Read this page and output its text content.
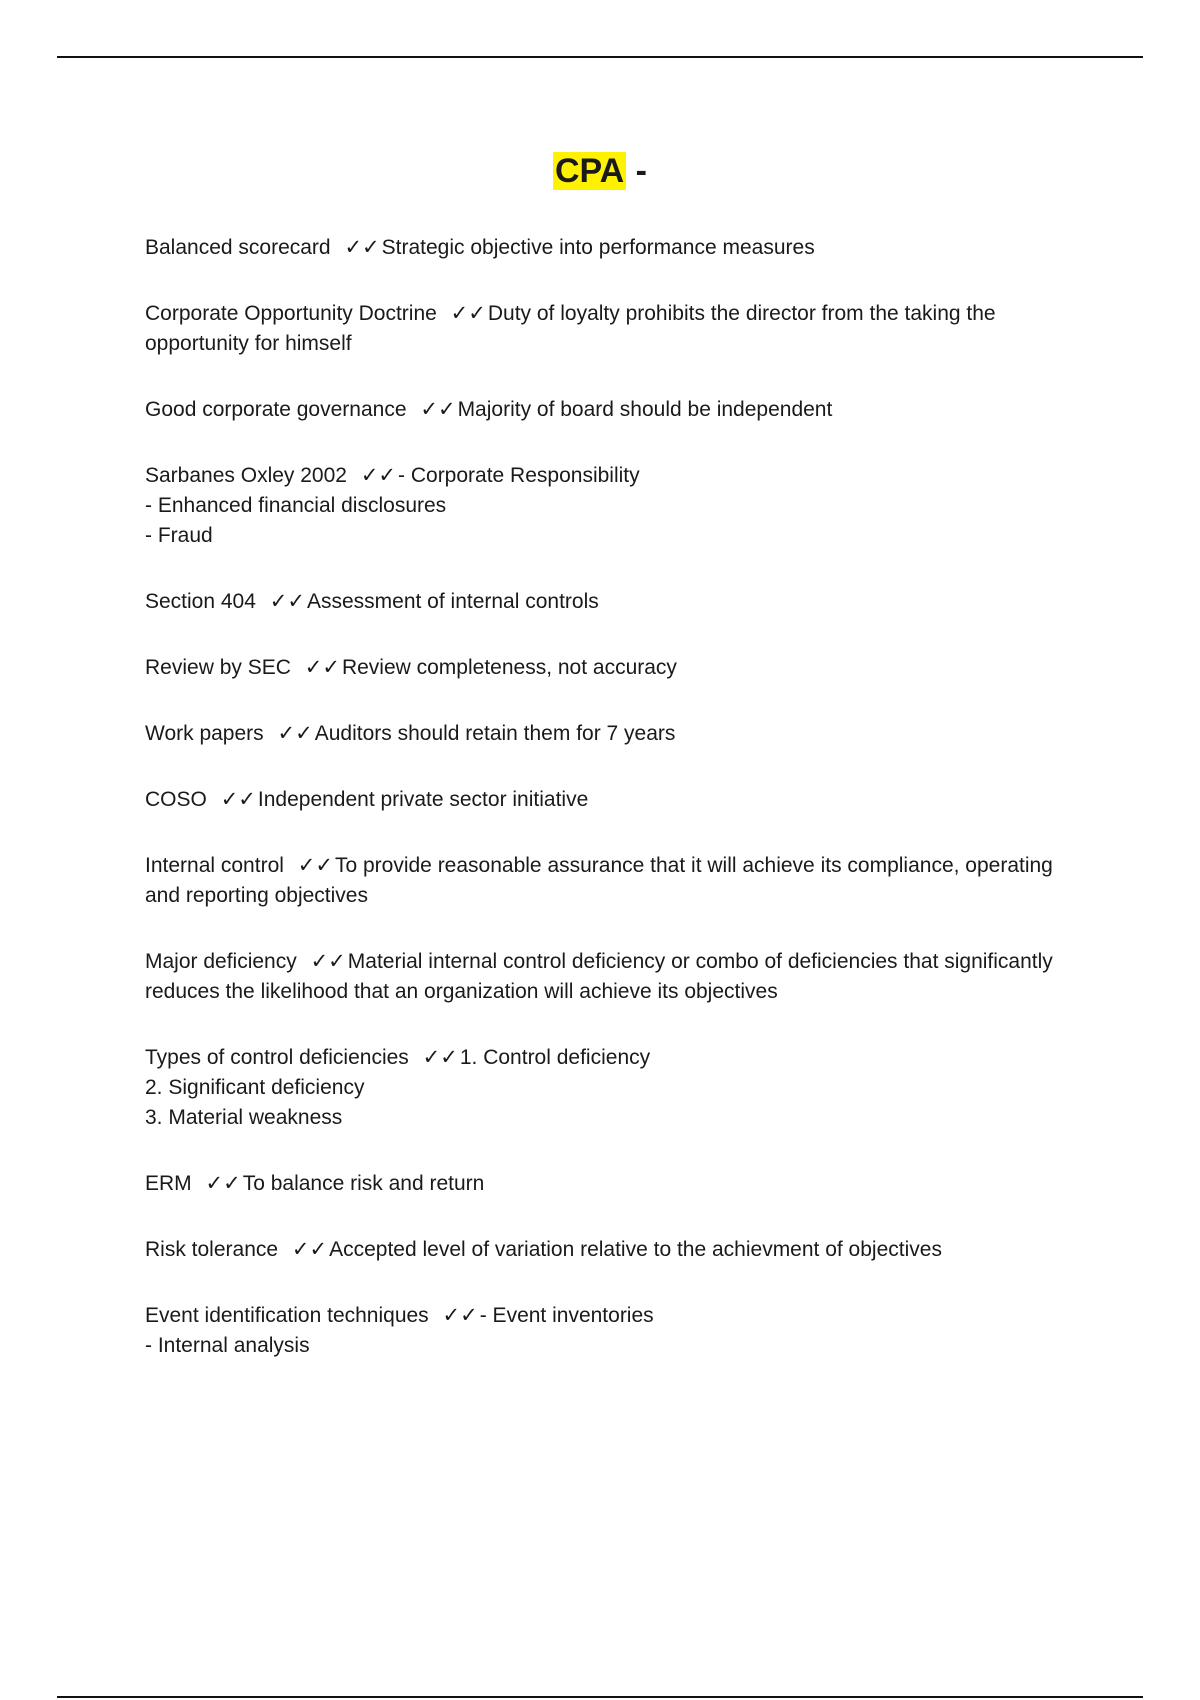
CPA -
Balanced scorecard ✓✓Strategic objective into performance measures
Corporate Opportunity Doctrine ✓✓Duty of loyalty prohibits the director from the taking the opportunity for himself
Good corporate governance ✓✓Majority of board should be independent
Sarbanes Oxley 2002 ✓✓- Corporate Responsibility
- Enhanced financial disclosures
- Fraud
Section 404 ✓✓Assessment of internal controls
Review by SEC ✓✓Review completeness, not accuracy
Work papers ✓✓Auditors should retain them for 7 years
COSO ✓✓Independent private sector initiative
Internal control ✓✓To provide reasonable assurance that it will achieve its compliance, operating and reporting objectives
Major deficiency ✓✓Material internal control deficiency or combo of deficiencies that significantly reduces the likelihood that an organization will achieve its objectives
Types of control deficiencies ✓✓1. Control deficiency
2. Significant deficiency
3. Material weakness
ERM ✓✓To balance risk and return
Risk tolerance ✓✓Accepted level of variation relative to the achievment of objectives
Event identification techniques ✓✓- Event inventories
- Internal analysis
